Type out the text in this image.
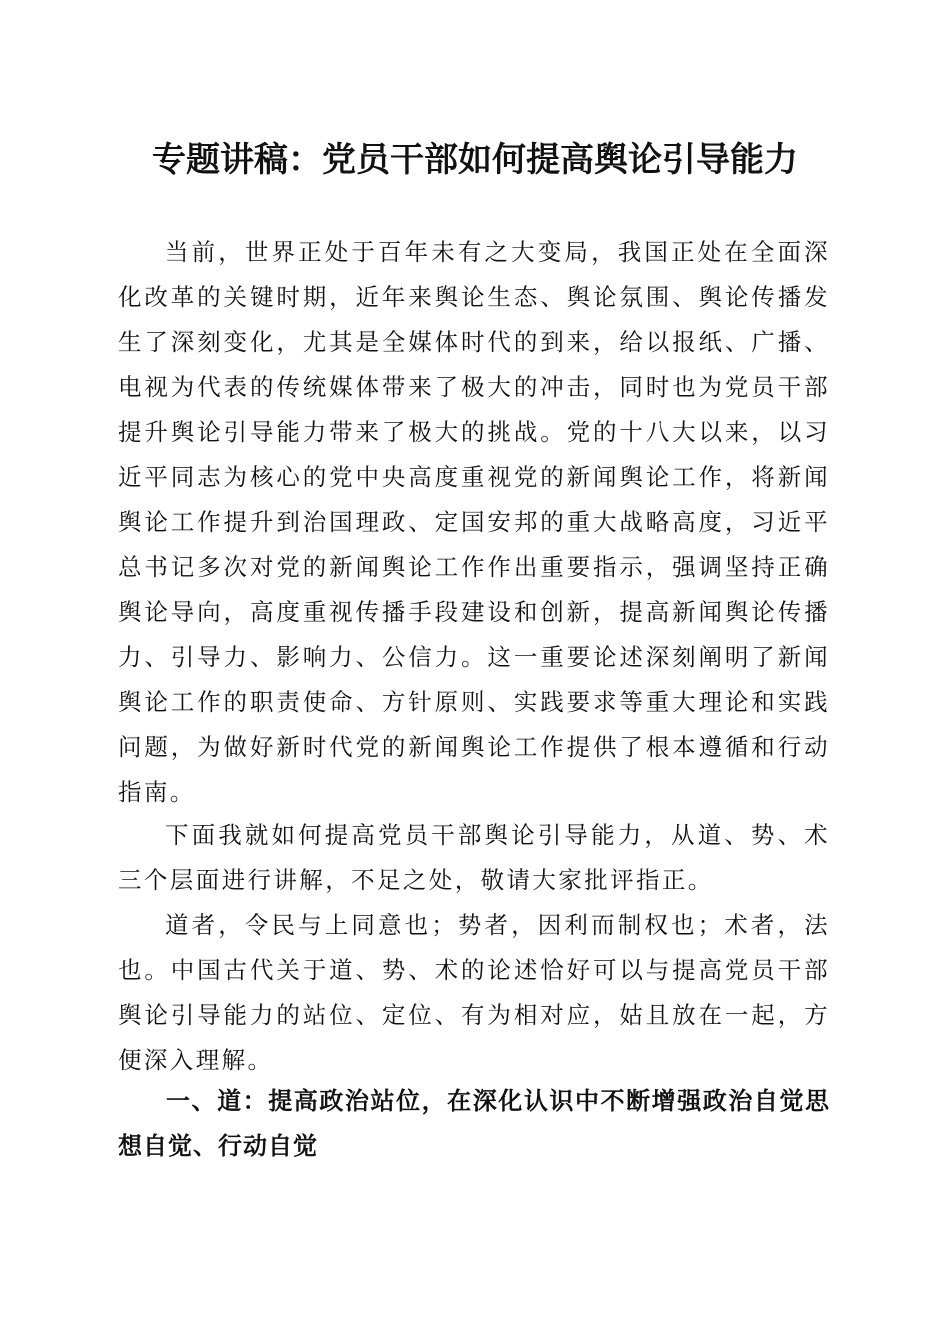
专题讲稿：党员干部如何提高舆论引导能力

当前，世界正处于百年未有之大变局，我国正处在全面深化改革的关键时期，近年来舆论生态、舆论氛围、舆论传播发生了深刻变化，尤其是全媒体时代的到来，给以报纸、广播、电视为代表的传统媒体带来了极大的冲击，同时也为党员干部提升舆论引导能力带来了极大的挑战。党的十八大以来，以习近平同志为核心的党中央高度重视党的新闻舆论工作，将新闻舆论工作提升到治国理政、定国安邦的重大战略高度，习近平总书记多次对党的新闻舆论工作作出重要指示，强调坚持正确舆论导向，高度重视传播手段建设和创新，提高新闻舆论传播力、引导力、影响力、公信力。这一重要论述深刻阐明了新闻舆论工作的职责使命、方针原则、实践要求等重大理论和实践问题，为做好新时代党的新闻舆论工作提供了根本遵循和行动指南。

下面我就如何提高党员干部舆论引导能力，从道、势、术三个层面进行讲解，不足之处，敬请大家批评指正。

道者，令民与上同意也；势者，因利而制权也；术者，法也。中国古代关于道、势、术的论述恰好可以与提高党员干部舆论引导能力的站位、定位、有为相对应，姑且放在一起，方便深入理解。

一、道：提高政治站位，在深化认识中不断增强政治自觉思想自觉、行动自觉
